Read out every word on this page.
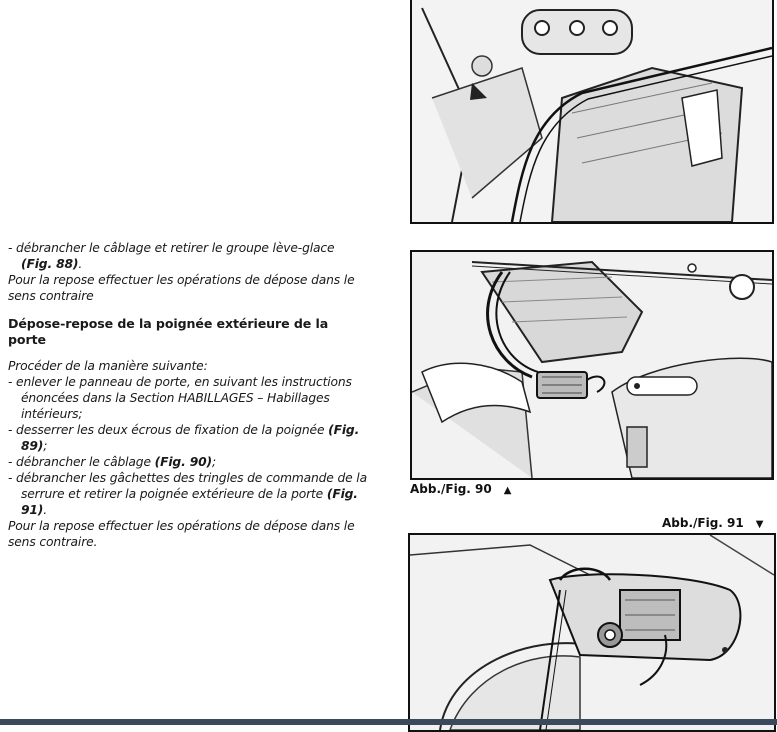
- débrancher le câblage et retirer le groupe lève-glace (Fig. 88).

Pour la repose effectuer les opérations de dépose dans le sens contraire

Dépose-repose de la poignée extérieure de la porte

Procéder de la manière suivante:

- enlever le panneau de porte, en suivant les instructions énoncées dans la Section HABILLAGES – Habillages intérieurs;

- desserrer les deux écrous de fixation de la poignée (Fig. 89);

- débrancher le câblage (Fig. 90);

- débrancher les gâchettes des tringles de commande de la serrure et retirer la poignée extérieure de la porte (Fig. 91).

Pour la repose effectuer les opérations de dépose dans le sens contraire.

Abb./Fig. 90 ▲
Abb./Fig. 91 ▼
